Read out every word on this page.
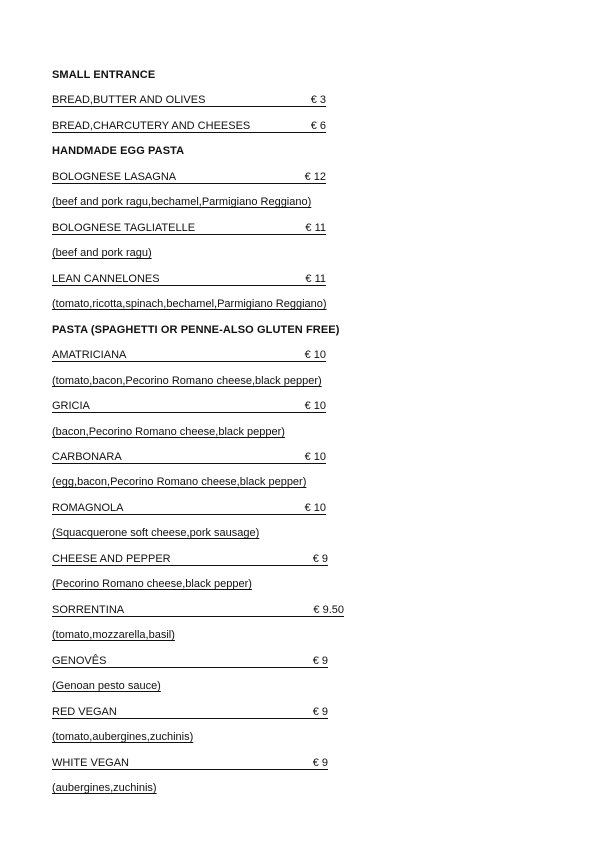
SMALL ENTRANCE
BREAD,BUTTER AND OLIVES	€ 3
BREAD,CHARCUTERY AND CHEESES	€ 6
HANDMADE EGG PASTA
BOLOGNESE LASAGNA	€ 12
(beef and pork ragu,bechamel,Parmigiano Reggiano)
BOLOGNESE TAGLIATELLE	€ 11
(beef and pork ragu)
LEAN CANNELONES	€ 11
(tomato,ricotta,spinach,bechamel,Parmigiano Reggiano)
PASTA (SPAGHETTI OR PENNE-ALSO GLUTEN FREE)
AMATRICIANA	€ 10
(tomato,bacon,Pecorino Romano cheese,black pepper)
GRICIA	€ 10
(bacon,Pecorino Romano cheese,black pepper)
CARBONARA	€ 10
(egg,bacon,Pecorino Romano cheese,black pepper)
ROMAGNOLA	€ 10
(Squacquerone soft cheese,pork sausage)
CHEESE AND PEPPER	€ 9
(Pecorino Romano cheese,black pepper)
SORRENTINA	€ 9.50
(tomato,mozzarella,basil)
GENOVÊS	€ 9
(Genoan pesto sauce)
RED VEGAN	€ 9
(tomato,aubergines,zuchinis)
WHITE VEGAN	€ 9
(aubergines,zuchinis)
